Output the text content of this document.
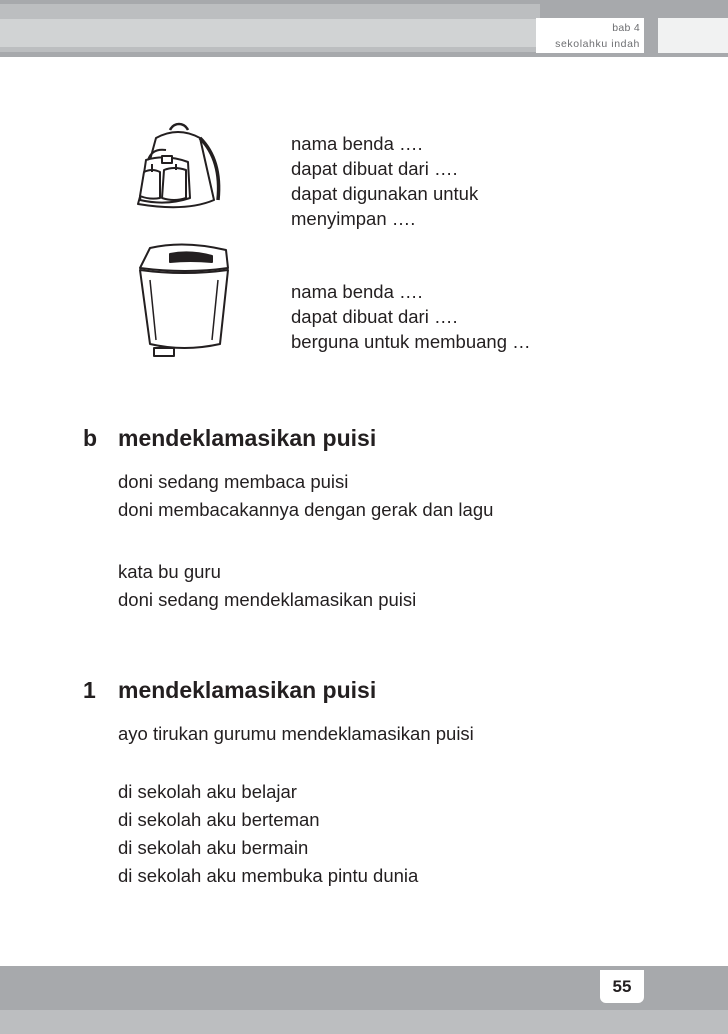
bab 4
sekolahku indah
nama benda ….
dapat dibuat dari ….
dapat digunakan untuk
menyimpan ….
nama benda ….
dapat dibuat dari ….
berguna untuk membuang …
b mendeklamasikan puisi
doni sedang membaca puisi
doni membacakannya dengan gerak dan lagu
kata bu guru
doni sedang mendeklamasikan puisi
1 mendeklamasikan puisi
ayo tirukan gurumu mendeklamasikan puisi
di sekolah aku belajar
di sekolah aku berteman
di sekolah aku bermain
di sekolah aku membuka pintu dunia
55
